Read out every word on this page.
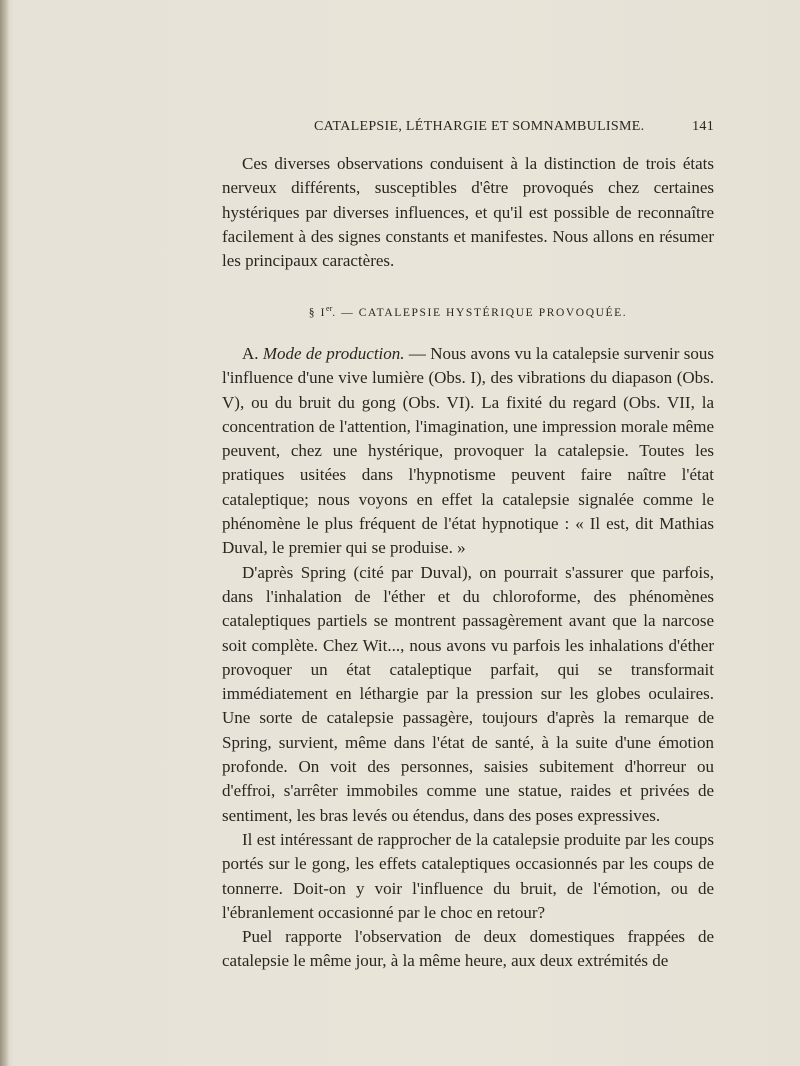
CATALEPSIE, LÉTHARGIE ET SOMNAMBULISME.	141

Ces diverses observations conduisent à la distinction de trois états nerveux différents, susceptibles d'être provoqués chez certaines hystériques par diverses influences, et qu'il est possible de reconnaître facilement à des signes constants et manifestes. Nous allons en résumer les principaux caractères.

§ Ier. — CATALEPSIE HYSTÉRIQUE PROVOQUÉE.

A. Mode de production. — Nous avons vu la catalepsie survenir sous l'influence d'une vive lumière (Obs. I), des vibrations du diapason (Obs. V), ou du bruit du gong (Obs. VI). La fixité du regard (Obs. VII, la concentration de l'attention, l'imagination, une impression morale même peuvent, chez une hystérique, provoquer la catalepsie. Toutes les pratiques usitées dans l'hypnotisme peuvent faire naître l'état cataleptique; nous voyons en effet la catalepsie signalée comme le phénomène le plus fréquent de l'état hypnotique : « Il est, dit Mathias Duval, le premier qui se produise. »

D'après Spring (cité par Duval), on pourrait s'assurer que parfois, dans l'inhalation de l'éther et du chloroforme, des phénomènes cataleptiques partiels se montrent passagèrement avant que la narcose soit complète. Chez Wit..., nous avons vu parfois les inhalations d'éther provoquer un état cataleptique parfait, qui se transformait immédiatement en léthargie par la pression sur les globes oculaires. Une sorte de catalepsie passagère, toujours d'après la remarque de Spring, survient, même dans l'état de santé, à la suite d'une émotion profonde. On voit des personnes, saisies subitement d'horreur ou d'effroi, s'arrêter immobiles comme une statue, raides et privées de sentiment, les bras levés ou étendus, dans des poses expressives.

Il est intéressant de rapprocher de la catalepsie produite par les coups portés sur le gong, les effets cataleptiques occasionnés par les coups de tonnerre. Doit-on y voir l'influence du bruit, de l'émotion, ou de l'ébranlement occasionné par le choc en retour?

Puel rapporte l'observation de deux domestiques frappées de catalepsie le même jour, à la même heure, aux deux extrémités de
